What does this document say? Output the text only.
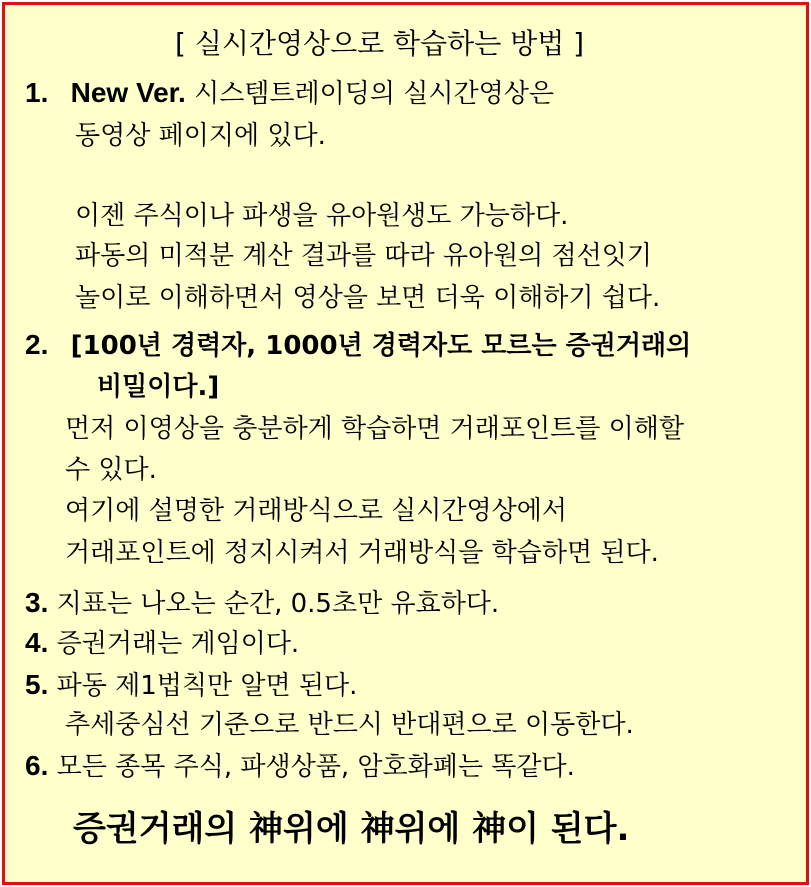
[ 실시간영상으로 학습하는 방법 ]
1. New Ver. 시스템트레이딩의 실시간영상은
동영상 페이지에 있다.
이젠 주식이나 파생을 유아원생도 가능하다.
파동의 미적분 계산 결과를 따라 유아원의 점선잇기
놀이로 이해하면서 영상을 보면 더욱 이해하기 쉽다.
2. [100년 경력자, 1000년 경력자도 모르는 증권거래의
비밀이다.]
먼저 이영상을 충분하게 학습하면 거래포인트를 이해할
수 있다.
여기에 설명한 거래방식으로 실시간영상에서
거래포인트에 정지시켜서 거래방식을 학습하면 된다.
3. 지표는 나오는 순간, 0.5초만 유효하다.
4. 증권거래는 게임이다.
5. 파동 제1법칙만 알면 된다.
추세중심선 기준으로 반드시 반대편으로 이동한다.
6. 모든 종목 주식, 파생상품, 암호화폐는 똑같다.
증권거래의 神위에 神위에 神이 된다.
